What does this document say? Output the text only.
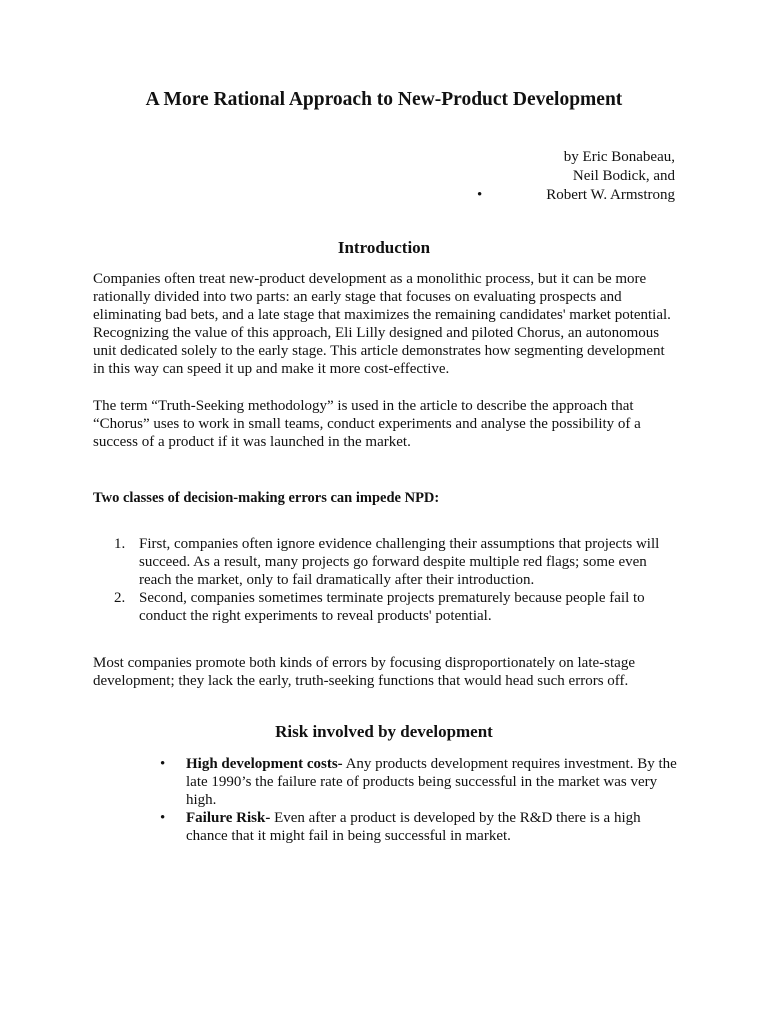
A More Rational Approach to New-Product Development
by Eric Bonabeau,
Neil Bodick, and
•	Robert W. Armstrong
Introduction
Companies often treat new-product development as a monolithic process, but it can be more rationally divided into two parts: an early stage that focuses on evaluating prospects and eliminating bad bets, and a late stage that maximizes the remaining candidates' market potential. Recognizing the value of this approach, Eli Lilly designed and piloted Chorus, an autonomous unit dedicated solely to the early stage. This article demonstrates how segmenting development in this way can speed it up and make it more cost-effective.
The term “Truth-Seeking methodology” is used in the article to describe the approach that “Chorus” uses to work in small teams, conduct experiments and analyse the possibility of a success of a product if it was launched in the market.
Two classes of decision-making errors can impede NPD:
1. First, companies often ignore evidence challenging their assumptions that projects will succeed. As a result, many projects go forward despite multiple red flags; some even reach the market, only to fail dramatically after their introduction.
2. Second, companies sometimes terminate projects prematurely because people fail to conduct the right experiments to reveal products' potential.
Most companies promote both kinds of errors by focusing disproportionately on late-stage development; they lack the early, truth-seeking functions that would head such errors off.
Risk involved by development
• High development costs- Any products development requires investment. By the late 1990’s the failure rate of products being successful in the market was very high.
• Failure Risk- Even after a product is developed by the R&D there is a high chance that it might fail in being successful in market.
